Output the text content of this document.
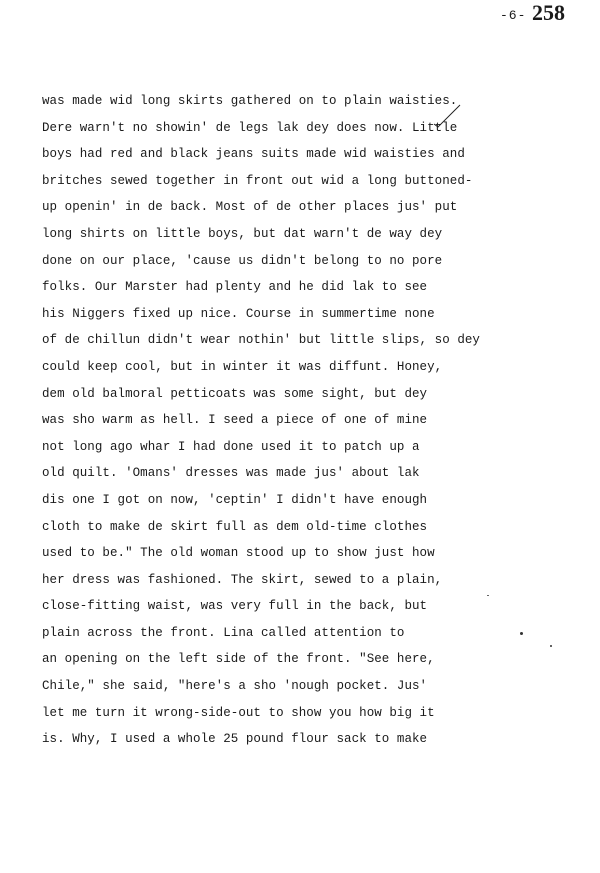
-6- 258
was made wid long skirts gathered on to plain waisties.
Dere warn't no showin' de legs lak dey does now. Little
boys had red and black jeans suits made wid waisties and
britches sewed together in front out wid a long buttoned-
up openin' in de back. Most of de other places jus' put
long shirts on little boys, but dat warn't de way dey
done on our place, 'cause us didn't belong to no pore
folks. Our Marster had plenty and he did lak to see
his Niggers fixed up nice. Course in summertime none
of de chillun didn't wear nothin' but little slips, so dey
could keep cool, but in winter it was diffunt. Honey,
dem old balmoral petticoats was some sight, but dey
was sho warm as hell. I seed a piece of one of mine
not long ago whar I had done used it to patch up a
old quilt. 'Omans' dresses was made jus' about lak
dis one I got on now, 'ceptin' I didn't have enough
cloth to make de skirt full as dem old-time clothes
used to be." The old woman stood up to show just how
her dress was fashioned. The skirt, sewed to a plain,
close-fitting waist, was very full in the back, but
plain across the front. Lina called attention to
an opening on the left side of the front. "See here,
Chile," she said, "here's a sho 'nough pocket. Jus'
let me turn it wrong-side-out to show you how big it
is. Why, I used a whole 25 pound flour sack to make
